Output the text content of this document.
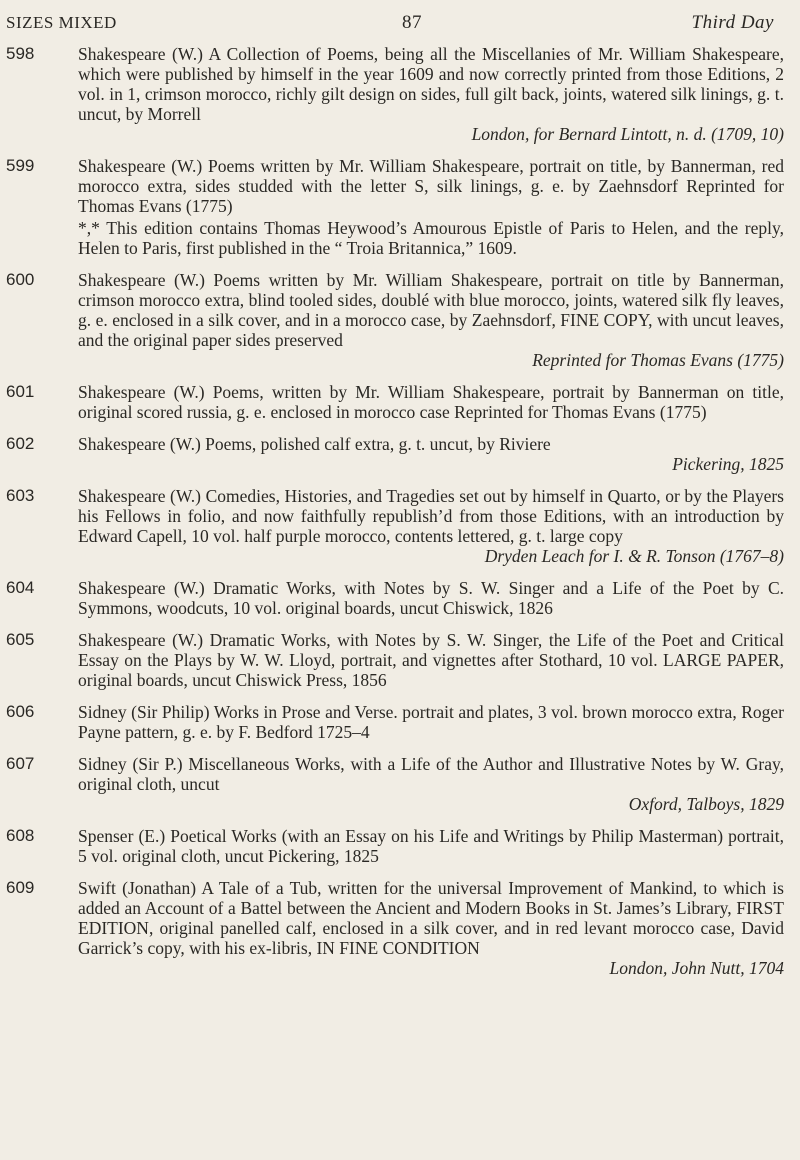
SIZES MIXED	87	Third Day
598 Shakespeare (W.) A Collection of Poems, being all the Miscellanies of Mr. William Shakespeare, which were published by himself in the year 1609 and now correctly printed from those Editions, 2 vol. in 1, crimson morocco, richly gilt design on sides, full gilt back, joints, watered silk linings, g. t. uncut, by Morrell
London, for Bernard Lintott, n. d. (1709, 10)
599 Shakespeare (W.) Poems written by Mr. William Shakespeare, portrait on title, by Bannerman, red morocco extra, sides studded with the letter S, silk linings, g. e. by Zaehnsdorf Reprinted for Thomas Evans (1775)
*,* This edition contains Thomas Heywood’s Amourous Epistle of Paris to Helen, and the reply, Helen to Paris, first published in the “ Troia Britannica,” 1609.
600 Shakespeare (W.) Poems written by Mr. William Shakespeare, portrait on title by Bannerman, crimson morocco extra, blind tooled sides, doublé with blue morocco, joints, watered silk fly leaves, g. e. enclosed in a silk cover, and in a morocco case, by Zaehnsdorf, FINE COPY, with uncut leaves, and the original paper sides preserved
Reprinted for Thomas Evans (1775)
601 Shakespeare (W.) Poems, written by Mr. William Shakespeare, portrait by Bannerman on title, original scored russia, g. e. enclosed in morocco case Reprinted for Thomas Evans (1775)
602 Shakespeare (W.) Poems, polished calf extra, g. t. uncut, by Riviere
Pickering, 1825
603 Shakespeare (W.) Comedies, Histories, and Tragedies set out by himself in Quarto, or by the Players his Fellows in folio, and now faithfully republish’d from those Editions, with an introduction by Edward Capell, 10 vol. half purple morocco, contents lettered, g. t. large copy
Dryden Leach for I. & R. Tonson (1767–8)
604 Shakespeare (W.) Dramatic Works, with Notes by S. W. Singer and a Life of the Poet by C. Symmons, woodcuts, 10 vol. original boards, uncut Chiswick, 1826
605 Shakespeare (W.) Dramatic Works, with Notes by S. W. Singer, the Life of the Poet and Critical Essay on the Plays by W. W. Lloyd, portrait, and vignettes after Stothard, 10 vol. LARGE PAPER, original boards, uncut Chiswick Press, 1856
606 Sidney (Sir Philip) Works in Prose and Verse. portrait and plates, 3 vol. brown morocco extra, Roger Payne pattern, g. e. by F. Bedford 1725–4
607 Sidney (Sir P.) Miscellaneous Works, with a Life of the Author and Illustrative Notes by W. Gray, original cloth, uncut
Oxford, Talboys, 1829
608 Spenser (E.) Poetical Works (with an Essay on his Life and Writings by Philip Masterman) portrait, 5 vol. original cloth, uncut Pickering, 1825
609 Swift (Jonathan) A Tale of a Tub, written for the universal Improvement of Mankind, to which is added an Account of a Battel between the Ancient and Modern Books in St. James’s Library, FIRST EDITION, original panelled calf, enclosed in a silk cover, and in red levant morocco case, David Garrick’s copy, with his ex-libris, IN FINE CONDITION
London, John Nutt, 1704
